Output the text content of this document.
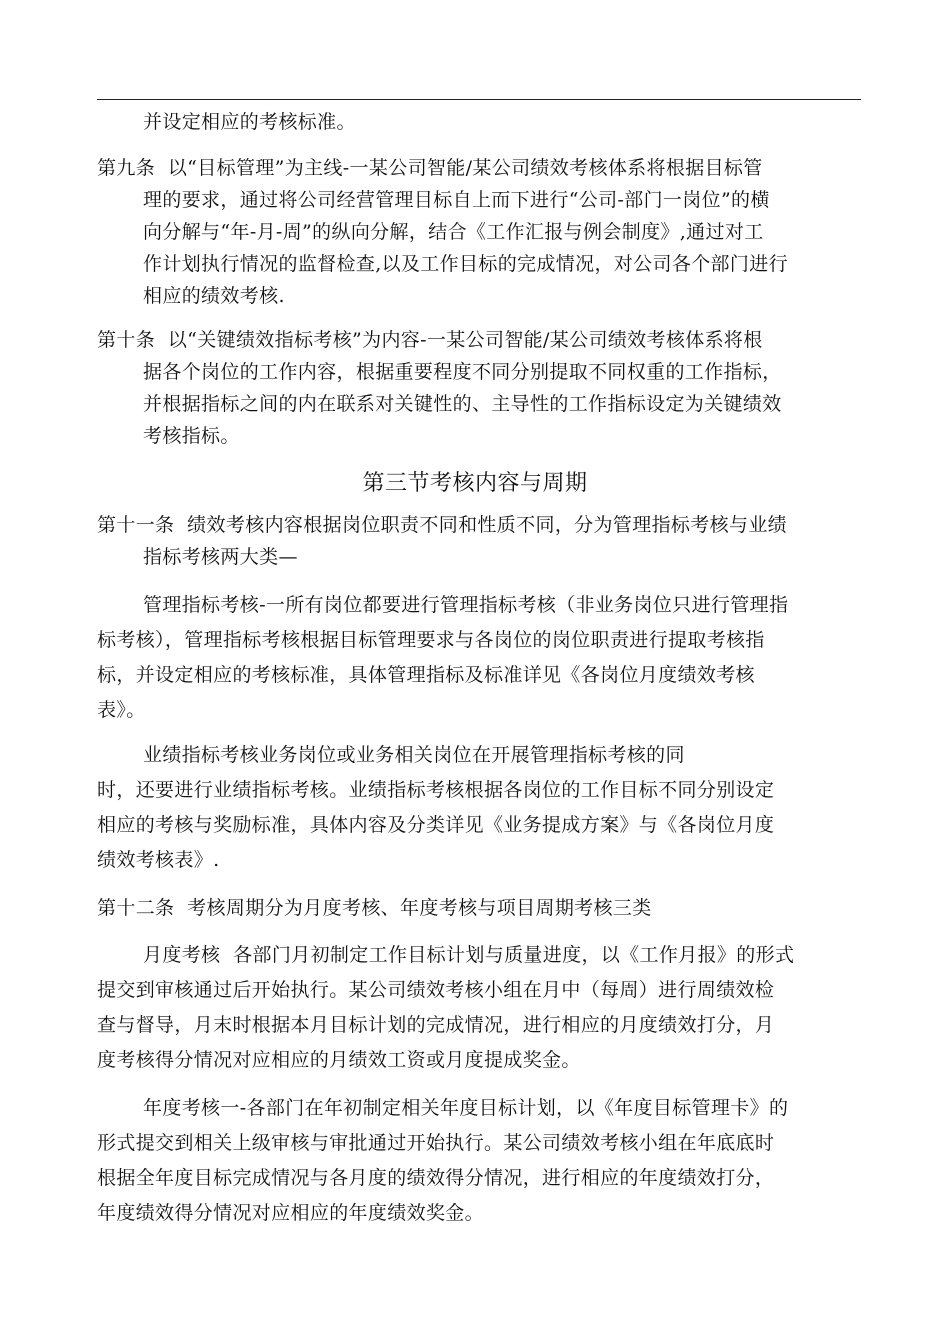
并设定相应的考核标准。
第九条  以“目标管理”为主线-一某公司智能/某公司绩效考核体系将根据目标管
理的要求，通过将公司经营管理目标自上而下进行“公司-部门一岗位”的横
向分解与“年-月-周”的纵向分解，结合《工作汇报与例会制度》,通过对工
作计划执行情况的监督检查,以及工作目标的完成情况，对公司各个部门进行
相应的绩效考核.
第十条  以“关键绩效指标考核”为内容-一某公司智能/某公司绩效考核体系将根
据各个岗位的工作内容，根据重要程度不同分别提取不同权重的工作指标，
并根据指标之间的内在联系对关键性的、主导性的工作指标设定为关键绩效
考核指标。
第三节考核内容与周期
第十一条  绩效考核内容根据岗位职责不同和性质不同，分为管理指标考核与业绩
指标考核两大类—
管理指标考核-一所有岗位都要进行管理指标考核（非业务岗位只进行管理指
标考核），管理指标考核根据目标管理要求与各岗位的岗位职责进行提取考核指
标，并设定相应的考核标准，具体管理指标及标准详见《各岗位月度绩效考核
表》。
业绩指标考核业务岗位或业务相关岗位在开展管理指标考核的同
时，还要进行业绩指标考核。业绩指标考核根据各岗位的工作目标不同分别设定
相应的考核与奖励标准，具体内容及分类详见《业务提成方案》与《各岗位月度
绩效考核表》.
第十二条  考核周期分为月度考核、年度考核与项目周期考核三类
月度考核  各部门月初制定工作目标计划与质量进度，以《工作月报》的形式
提交到审核通过后开始执行。某公司绩效考核小组在月中（每周）进行周绩效检
查与督导，月末时根据本月目标计划的完成情况，进行相应的月度绩效打分，月
度考核得分情况对应相应的月绩效工资或月度提成奖金。
年度考核一-各部门在年初制定相关年度目标计划，以《年度目标管理卡》的
形式提交到相关上级审核与审批通过开始执行。某公司绩效考核小组在年底底时
根据全年度目标完成情况与各月度的绩效得分情况，进行相应的年度绩效打分，
年度绩效得分情况对应相应的年度绩效奖金。
